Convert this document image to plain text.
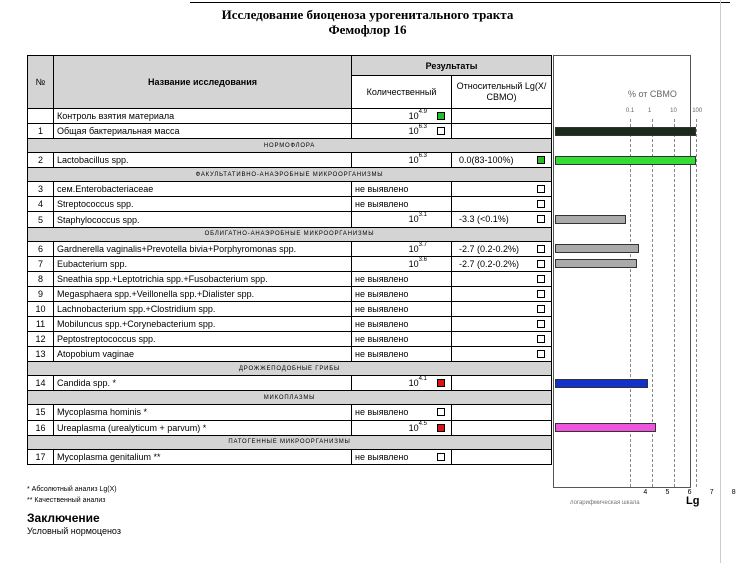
Исследование биоценоза урогенитального тракта
Фемофлор 16
№	Название исследования	Результаты	
		Количественный	Относительный Lg(X/СВМО)
	Контроль взятия материала	$10^{4.9}$

1	Общая бактериальная масса	$10^{6.3}$

НОРМОФЛОРА			
2	Lactobacillus spp.	$10^{6.3}$	0.0(83-100%)

ФАКУЛЬТАТИВНО-АНАЭРОБНЫЕ МИКРООРГАНИЗМЫ			
3	сем.Enterobacteriaceae	не выявлено	

4	Streptococcus spp.	не выявлено	

5	Staphylococcus spp.	$10^{3.1}$	-3.3 (<0.1%)

ОБЛИГАТНО-АНАЭРОБНЫЕ МИКРООРГАНИЗМЫ			
6	Gardnerella vaginalis+Prevotella bivia+Porphyromonas spp.	$10^{3.7}$	-2.7 (0.2-0.2%)

7	Eubacterium spp.	$10^{3.6}$	-2.7 (0.2-0.2%)

8	Sneathia spp.+Leptotrichia spp.+Fusobacterium spp.	не выявлено	

9	Megasphaera spp.+Veillonella spp.+Dialister spp.	не выявлено	

10	Lachnobacterium spp.+Clostridium spp.	не выявлено	

11	Mobiluncus spp.+Corynebacterium spp.	не выявлено	

12	Peptostreptococcus spp.	не выявлено	

13	Atopobium vaginae	не выявлено	

ДРОЖЖЕПОДОБНЫЕ ГРИБЫ			
14	Candida spp. *	$10^{4.1}$

МИКОПЛАЗМЫ			
15	Mycoplasma hominis *	не выявлено

16	Ureaplasma (urealyticum + parvum) *	$10^{4.5}$

ПАТОГЕННЫЕ МИКРООРГАНИЗМЫ			
17	Mycoplasma genitalium **	не выявлено

% от СВМО
0.1 1	10	100
4	5	6	7	8
логарифмическая шкала	Lg
* Абсолютный анализ Lg(X)
** Качественный анализ
Заключение
Условный нормоценоз
